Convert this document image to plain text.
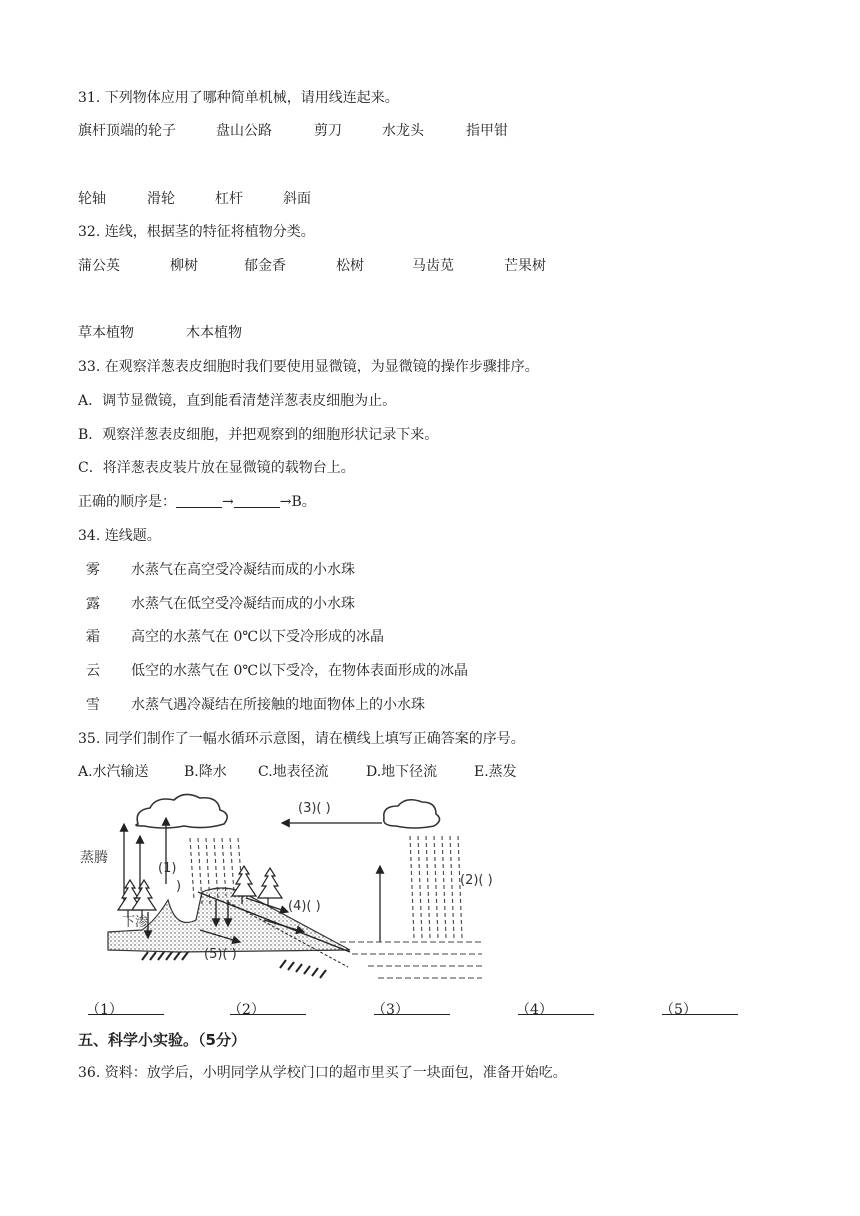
31. 下列物体应用了哪种简单机械，请用线连起来。
旗杆顶端的轮子	盘山公路	剪刀	水龙头	指甲钳
轮轴	滑轮	杠杆	斜面
32. 连线，根据茎的特征将植物分类。
蒲公英	柳树	郁金香	松树	马齿苋	芒果树
草本植物	木本植物
33. 在观察洋葱表皮细胞时我们要使用显微镜，为显微镜的操作步骤排序。
A．调节显微镜，直到能看清楚洋葱表皮细胞为止。
B．观察洋葱表皮细胞，并把观察到的细胞形状记录下来。
C．将洋葱表皮装片放在显微镜的载物台上。
正确的顺序是：	→	→B。
34. 连线题。
雾 水蒸气在高空受冷凝结而成的小水珠
露 水蒸气在低空受冷凝结而成的小水珠
霜 高空的水蒸气在 0℃以下受冷形成的冰晶
云 低空的水蒸气在 0℃以下受冷，在物体表面形成的冰晶
雪 水蒸气遇冷凝结在所接触的地面物体上的小水珠
35. 同学们制作了一幅水循环示意图，请在横线上填写正确答案的序号。
A.水汽输送	B.降水 C.地表径流	D.地下径流	E.蒸发
蒸腾
下渗
(1)
)
(3)( )
(2)( )
(4)( )
(5)( )
（1）	（2）	（3）	（4）	（5）
五、科学小实验。（5分）
36. 资料：放学后，小明同学从学校门口的超市里买了一块面包，准备开始吃。
